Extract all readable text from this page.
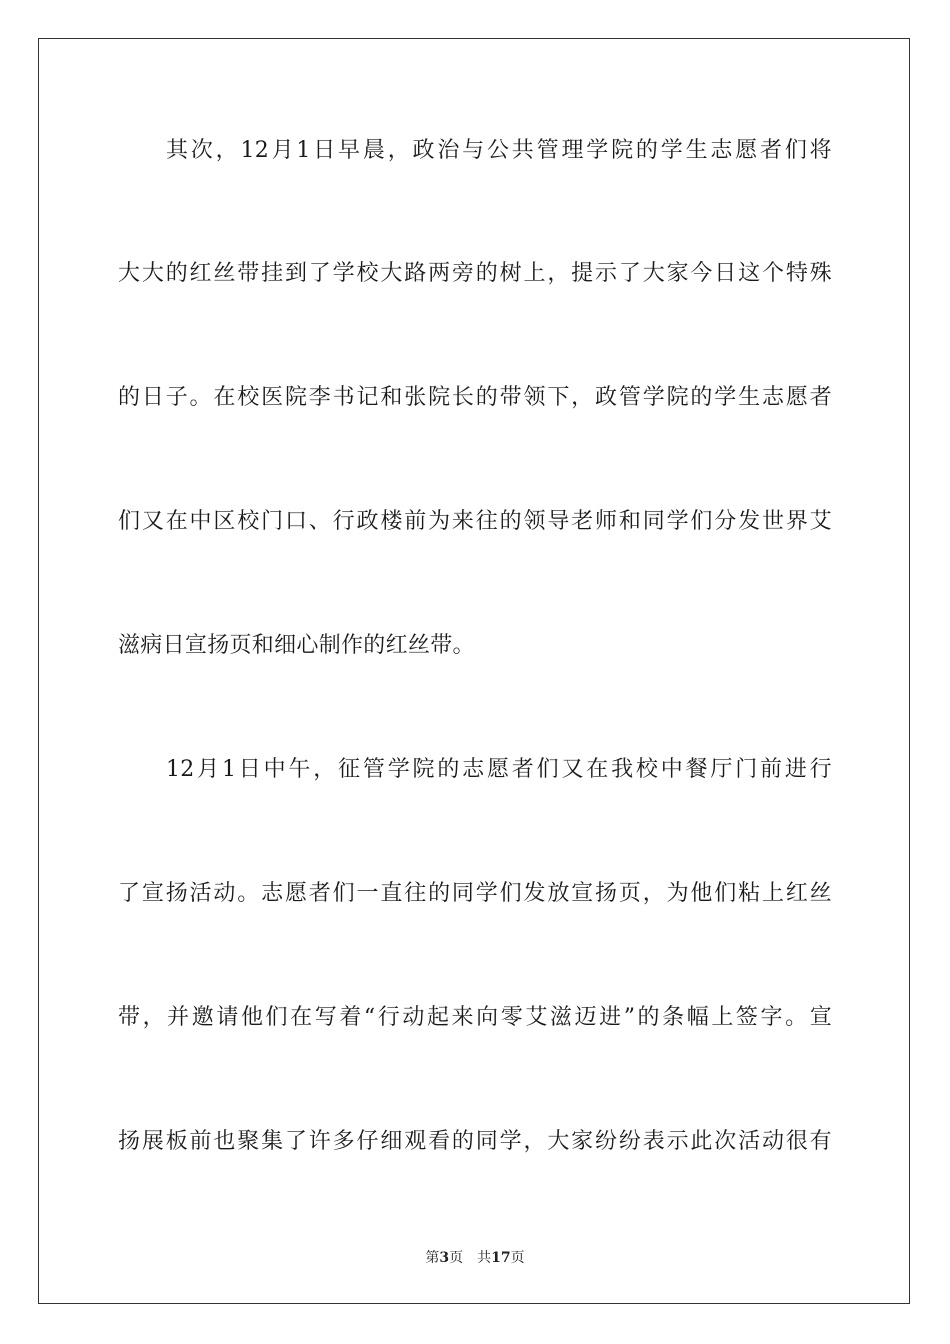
其次，12月1日早晨，政治与公共管理学院的学生志愿者们将
大大的红丝带挂到了学校大路两旁的树上，提示了大家今日这个特殊
的日子。在校医院李书记和张院长的带领下，政管学院的学生志愿者
们又在中区校门口、行政楼前为来往的领导老师和同学们分发世界艾
滋病日宣扬页和细心制作的红丝带。
12月1日中午，征管学院的志愿者们又在我校中餐厅门前进行
了宣扬活动。志愿者们一直往的同学们发放宣扬页，为他们粘上红丝
带，并邀请他们在写着“行动起来向零艾滋迈进”的条幅上签字。宣
扬展板前也聚集了许多仔细观看的同学，大家纷纷表示此次活动很有
第3页 共17页
